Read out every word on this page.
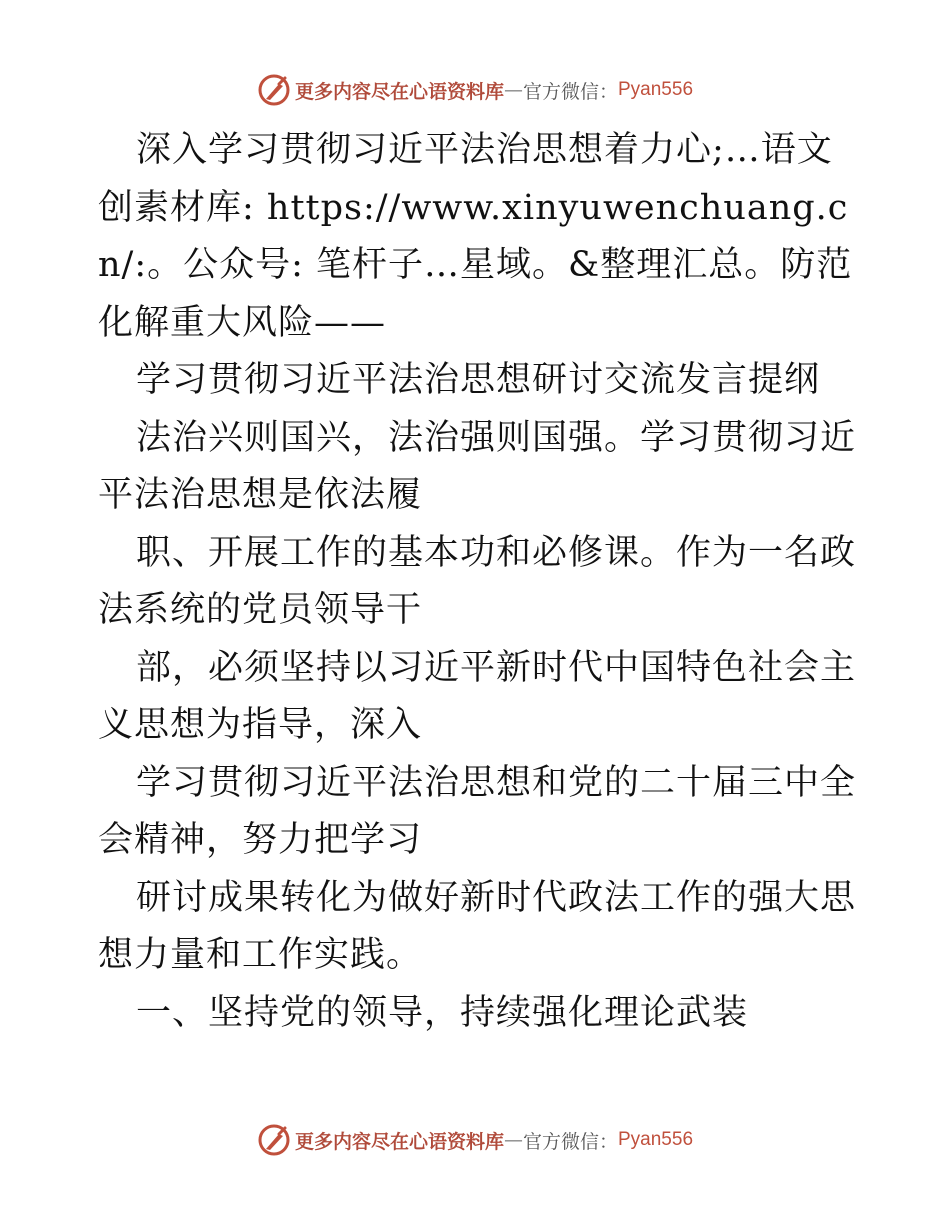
更多内容尽在心语资料库 — 官方微信： Pyan556

深入学习贯彻习近平法治思想着力心;…语文创素材库: https://www.xinyuwenchuang.cn/:。公众号: 笔杆子…星域。&整理汇总。防范化解重大风险——

学习贯彻习近平法治思想研讨交流发言提纲

法治兴则国兴，法治强则国强。学习贯彻习近平法治思想是依法履

职、开展工作的基本功和必修课。作为一名政法系统的党员领导干

部，必须坚持以习近平新时代中国特色社会主义思想为指导，深入

学习贯彻习近平法治思想和党的二十届三中全会精神，努力把学习

研讨成果转化为做好新时代政法工作的强大思想力量和工作实践。

一、坚持党的领导，持续强化理论武装

更多内容尽在心语资料库 — 官方微信： Pyan556
